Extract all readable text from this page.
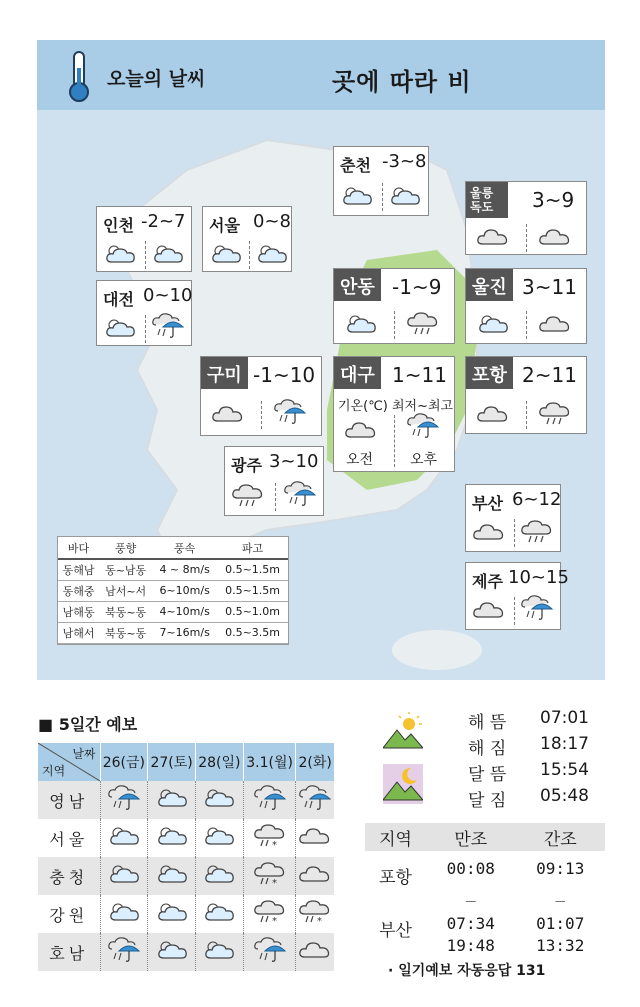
오늘의 날씨	곳에 따라 비
춘천 -3~8
울릉독도	3~9
인천 -2~7 서울 0~8
대전 0~10	안동 -1~9	울진 3~11
구미 -1~10	대구 1~11
기온(℃) 최저~최고
오전	오후
포항 2~11
광주 3~10
부산 6~12
제주 10~15
바다	풍향	풍속	파고
동해남	동~남동	4 ~ 8m/s	0.5~1.5m
동해중	남서~서	6~10m/s	0.5~1.5m
남해동	북동~동	4~10m/s	0.5~1.0m
남해서	북동~동	7~16m/s	0.5~3.5m
■ 5일간 예보
날짜
지역	26(금)	27(토)	28(일)	3.1(월)	2(화)
영남					
서울					
충청					
강원					
호남					
해 뜸 07:01
해 짐 18:17
달 뜸 15:54
달 짐 05:48
지역	만조	간조
포항	00:08	09:13
	_	_
부산	07:34	01:07
	19:48	13:32
· 일기예보 자동응답 131
